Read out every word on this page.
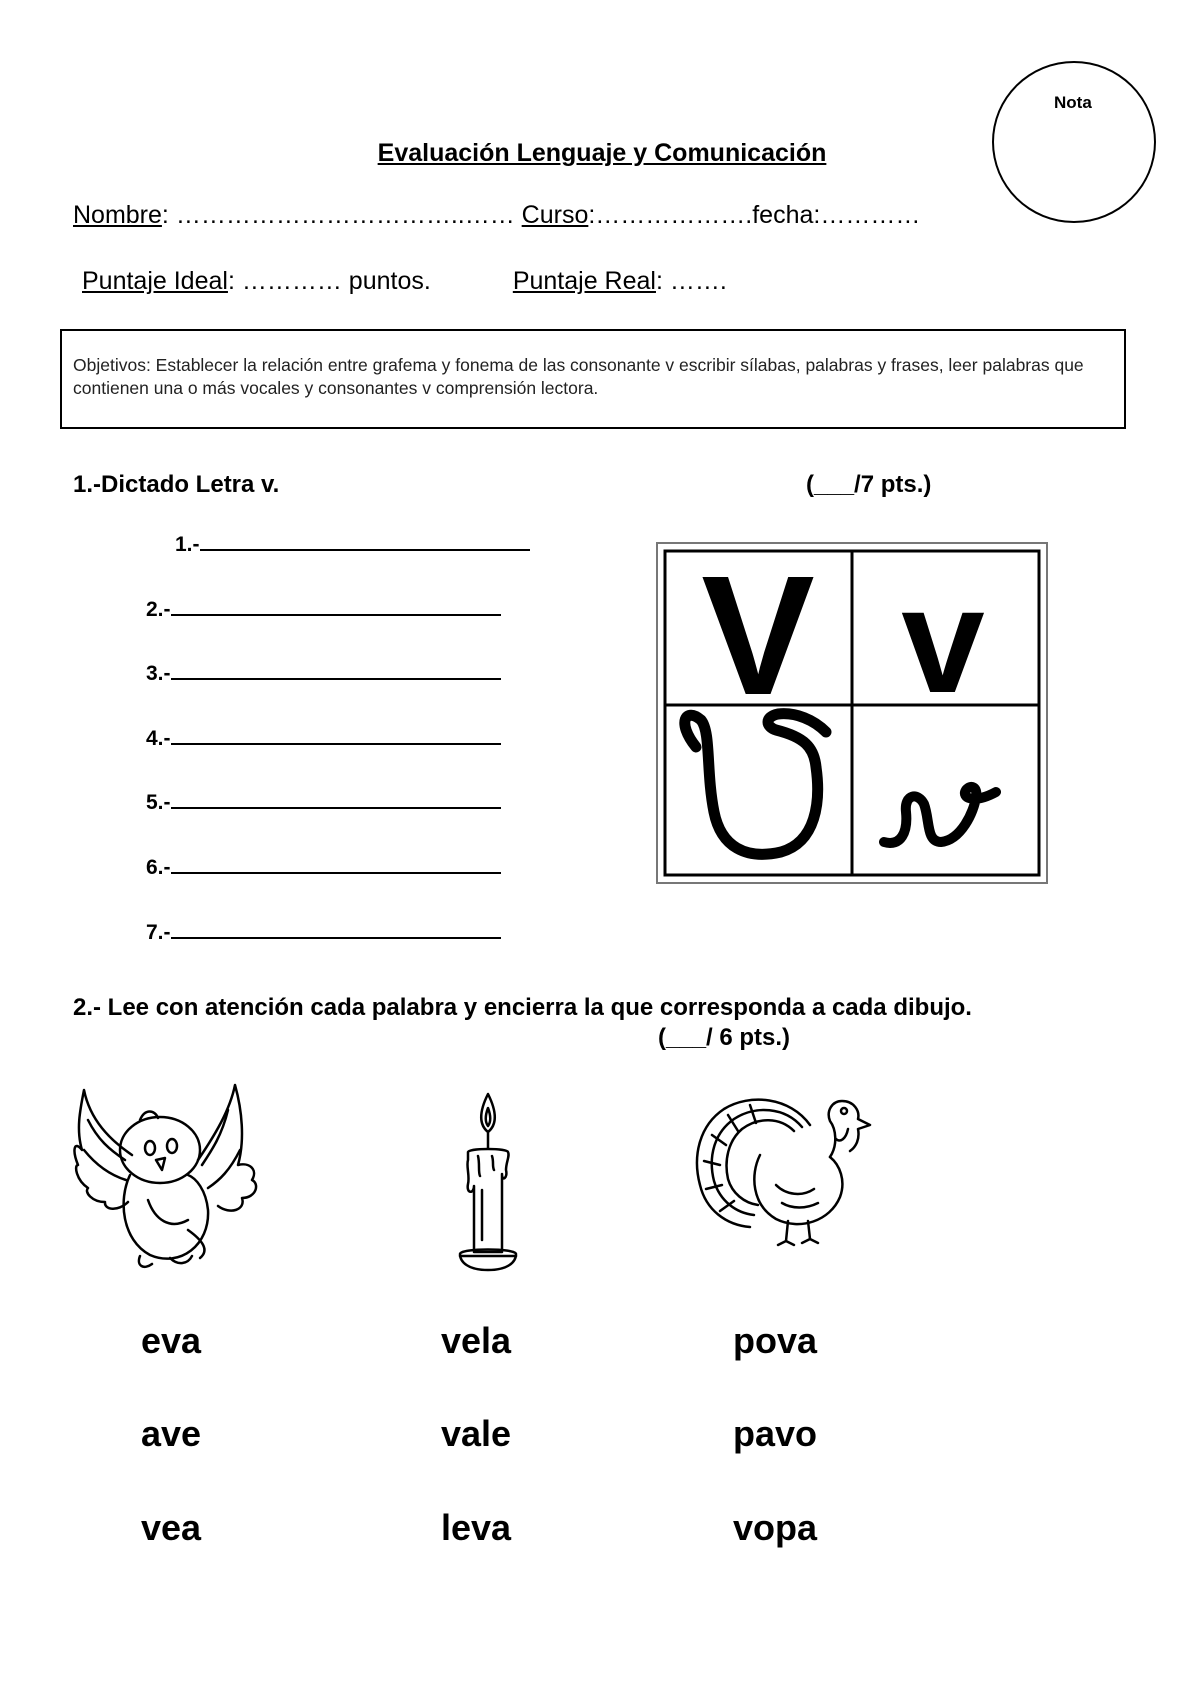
Nota
Evaluación Lenguaje y Comunicación
Nombre: ……………………………..…… Curso:……………….fecha:…………
Puntaje Ideal: ………… puntos.	Puntaje Real: …….
Objetivos: Establecer la relación entre grafema y fonema de las consonante v escribir sílabas, palabras y frases, leer palabras que contienen una o más vocales y consonantes v comprensión lectora.
1.-Dictado Letra v.	(___/7 pts.)
1.-
2.-
3.-
4.-
5.-
6.-
7.-
V v
2.- Lee con atención cada palabra y encierra la que corresponda a cada dibujo.
(___/ 6 pts.)
eva
ave
vea
vela
vale
leva
pova
pavo
vopa
